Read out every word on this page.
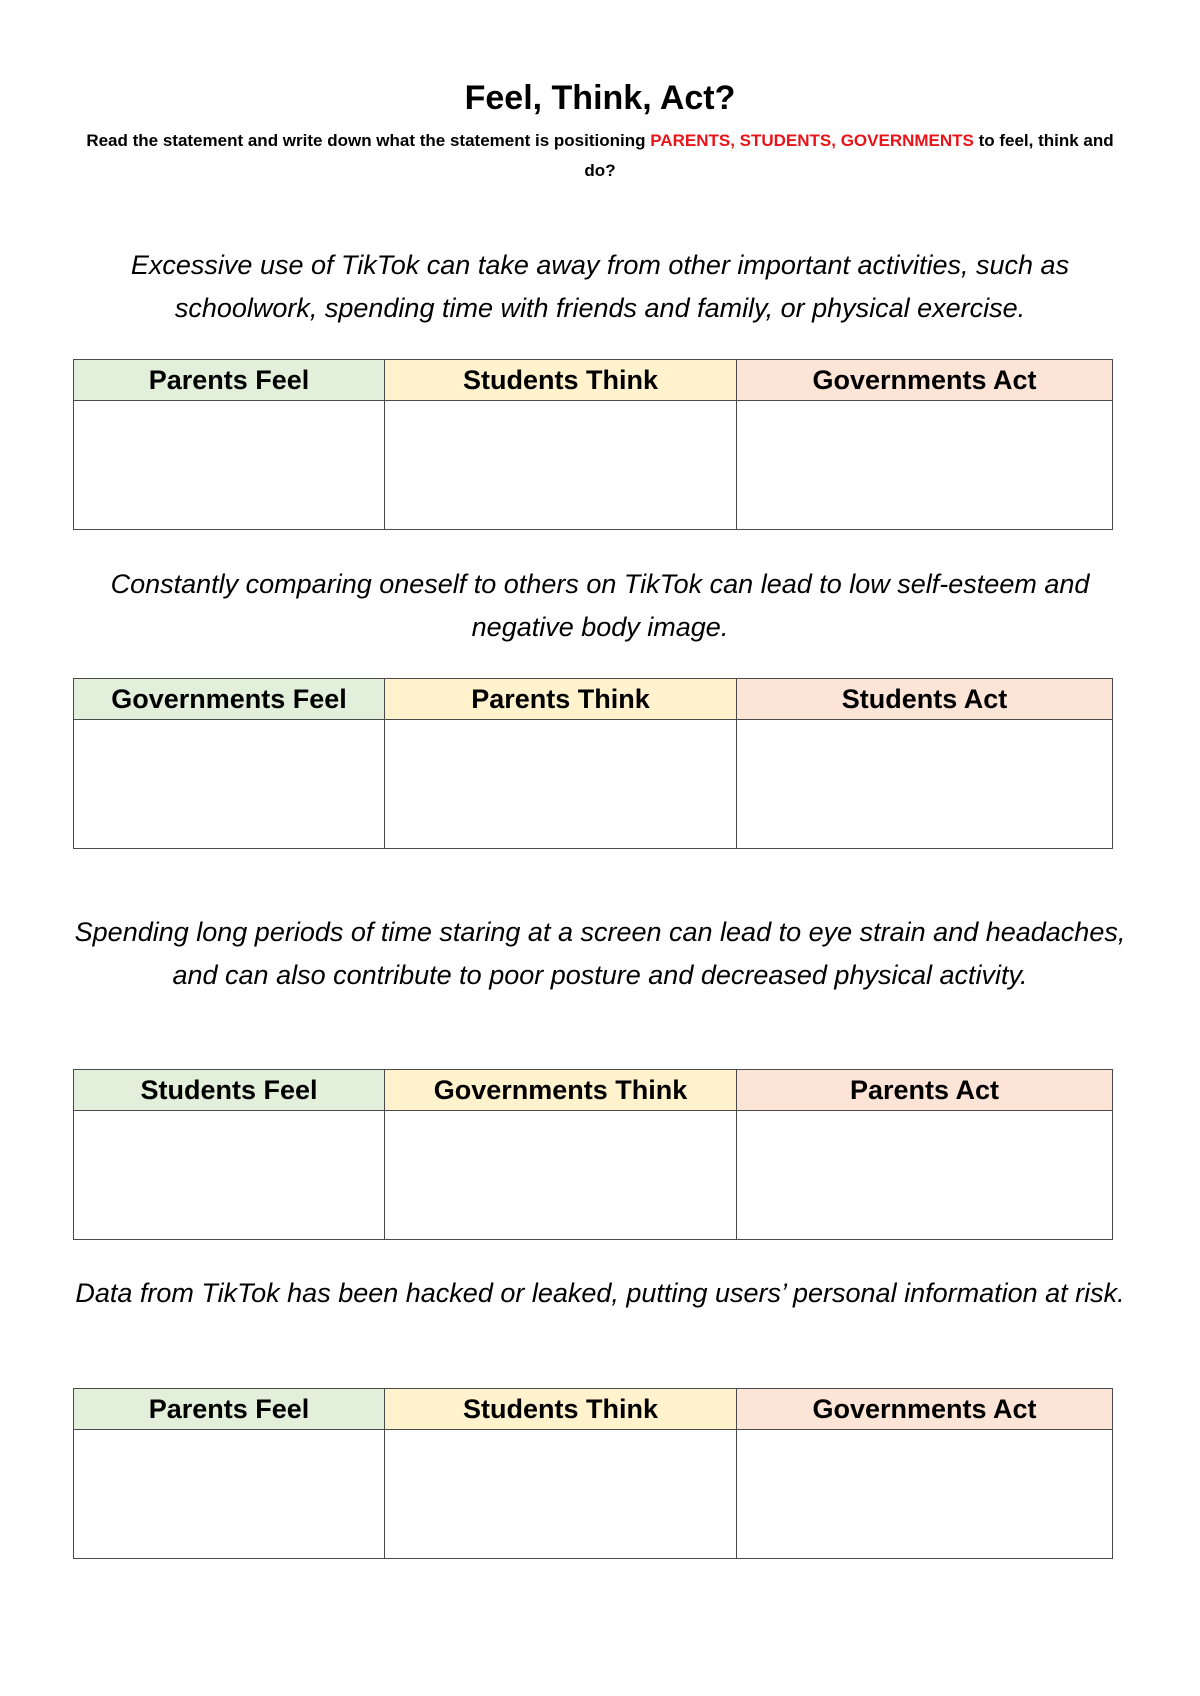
Feel, Think, Act?
Read the statement and write down what the statement is positioning PARENTS, STUDENTS, GOVERNMENTS to feel, think and do?
Excessive use of TikTok can take away from other important activities, such as schoolwork, spending time with friends and family, or physical exercise.
Parents Feel	Students Think	Governments Act

Constantly comparing oneself to others on TikTok can lead to low self-esteem and negative body image.
Governments Feel	Parents Think	Students Act

Spending long periods of time staring at a screen can lead to eye strain and headaches, and can also contribute to poor posture and decreased physical activity.
Students Feel	Governments Think	Parents Act

Data from TikTok has been hacked or leaked, putting users’ personal information at risk.
Parents Feel	Students Think	Governments Act
